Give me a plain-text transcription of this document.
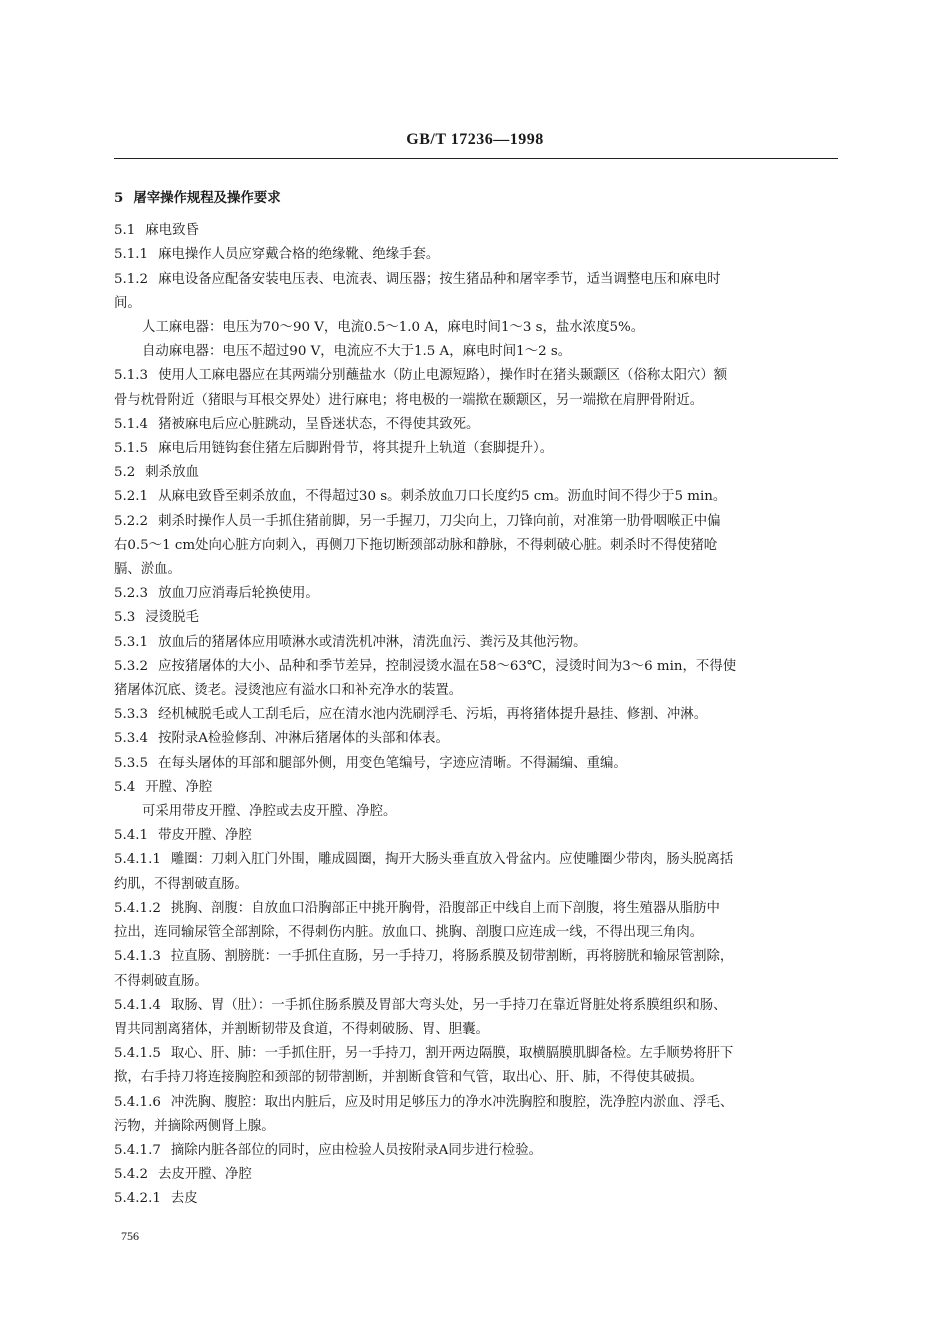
GB/T 17236—1998
5 屠宰操作规程及操作要求
5.1 麻电致昏
5.1.1 麻电操作人员应穿戴合格的绝缘靴、绝缘手套。
5.1.2 麻电设备应配备安装电压表、电流表、调压器；按生猪品种和屠宰季节，适当调整电压和麻电时
间。
人工麻电器：电压为70～90 V，电流0.5～1.0 A，麻电时间1～3 s，盐水浓度5%。
自动麻电器：电压不超过90 V，电流应不大于1.5 A，麻电时间1～2 s。
5.1.3 使用人工麻电器应在其两端分别蘸盐水（防止电源短路），操作时在猪头颞颥区（俗称太阳穴）额
骨与枕骨附近（猪眼与耳根交界处）进行麻电；将电极的一端揿在颞颥区，另一端揿在肩胛骨附近。
5.1.4 猪被麻电后应心脏跳动，呈昏迷状态，不得使其致死。
5.1.5 麻电后用链钩套住猪左后脚跗骨节，将其提升上轨道（套脚提升）。
5.2 刺杀放血
5.2.1 从麻电致昏至刺杀放血，不得超过30 s。刺杀放血刀口长度约5 cm。沥血时间不得少于5 min。
5.2.2 刺杀时操作人员一手抓住猪前脚，另一手握刀，刀尖向上，刀锋向前，对准第一肋骨咽喉正中偏
右0.5～1 cm处向心脏方向刺入，再侧刀下拖切断颈部动脉和静脉，不得刺破心脏。刺杀时不得使猪呛
膈、淤血。
5.2.3 放血刀应消毒后轮换使用。
5.3 浸烫脱毛
5.3.1 放血后的猪屠体应用喷淋水或清洗机冲淋，清洗血污、粪污及其他污物。
5.3.2 应按猪屠体的大小、品种和季节差异，控制浸烫水温在58～63℃，浸烫时间为3～6 min，不得使
猪屠体沉底、烫老。浸烫池应有溢水口和补充净水的装置。
5.3.3 经机械脱毛或人工刮毛后，应在清水池内洗刷浮毛、污垢，再将猪体提升悬挂、修割、冲淋。
5.3.4 按附录A检验修刮、冲淋后猪屠体的头部和体表。
5.3.5 在每头屠体的耳部和腿部外侧，用变色笔编号，字迹应清晰。不得漏编、重编。
5.4 开膛、净腔
可采用带皮开膛、净腔或去皮开膛、净腔。
5.4.1 带皮开膛、净腔
5.4.1.1 雕圈：刀刺入肛门外围，雕成圆圈，掏开大肠头垂直放入骨盆内。应使雕圈少带肉，肠头脱离括
约肌，不得割破直肠。
5.4.1.2 挑胸、剖腹：自放血口沿胸部正中挑开胸骨，沿腹部正中线自上而下剖腹，将生殖器从脂肪中
拉出，连同输尿管全部割除，不得刺伤内脏。放血口、挑胸、剖腹口应连成一线，不得出现三角肉。
5.4.1.3 拉直肠、割膀胱：一手抓住直肠，另一手持刀，将肠系膜及韧带割断，再将膀胱和输尿管割除，
不得刺破直肠。
5.4.1.4 取肠、胃（肚）：一手抓住肠系膜及胃部大弯头处，另一手持刀在靠近肾脏处将系膜组织和肠、
胃共同割离猪体，并割断韧带及食道，不得刺破肠、胃、胆囊。
5.4.1.5 取心、肝、肺：一手抓住肝，另一手持刀，割开两边隔膜，取横膈膜肌脚备检。左手顺势将肝下
揿，右手持刀将连接胸腔和颈部的韧带割断，并割断食管和气管，取出心、肝、肺，不得使其破损。
5.4.1.6 冲洗胸、腹腔：取出内脏后，应及时用足够压力的净水冲洗胸腔和腹腔，洗净腔内淤血、浮毛、
污物，并摘除两侧肾上腺。
5.4.1.7 摘除内脏各部位的同时，应由检验人员按附录A同步进行检验。
5.4.2 去皮开膛、净腔
5.4.2.1 去皮
756
